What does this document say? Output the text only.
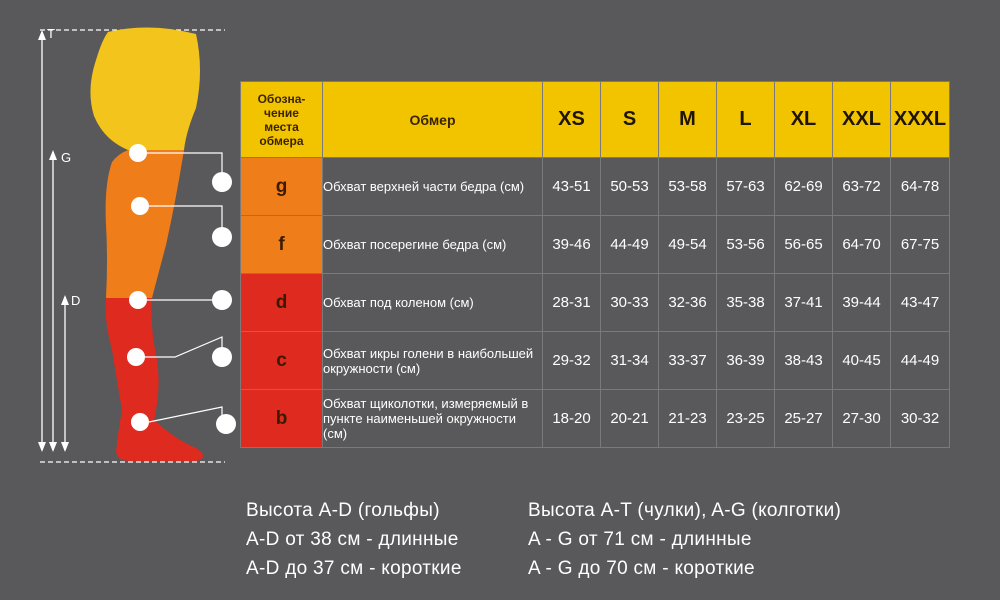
T
G
D
Обозна-
чение
места
обмера	Обмер	XS	S	M	L	XL	XXL	XXXL
g	Обхват верхней части бедра (см)	43-51	50-53	53-58	57-63	62-69	63-72	64-78
f	Обхват посерегине бедра (см)	39-46	44-49	49-54	53-56	56-65	64-70	67-75
d	Обхват под коленом (см)	28-31	30-33	32-36	35-38	37-41	39-44	43-47
c	Обхват икры голени в наибольшей окружноcти (см)	29-32	31-34	33-37	36-39	38-43	40-45	44-49
b	Обхват щиколотки, измеряемый в пункте наименьшей окружности (см)	18-20	20-21	21-23	23-25	25-27	27-30	30-32
Высота A-D (гольфы)
A-D от 38 см - длинные
A-D до 37 см - короткие
Высота A-T (чулки), A-G (колготки)
A - G от 71 см - длинные
A - G до 70 см - короткие
